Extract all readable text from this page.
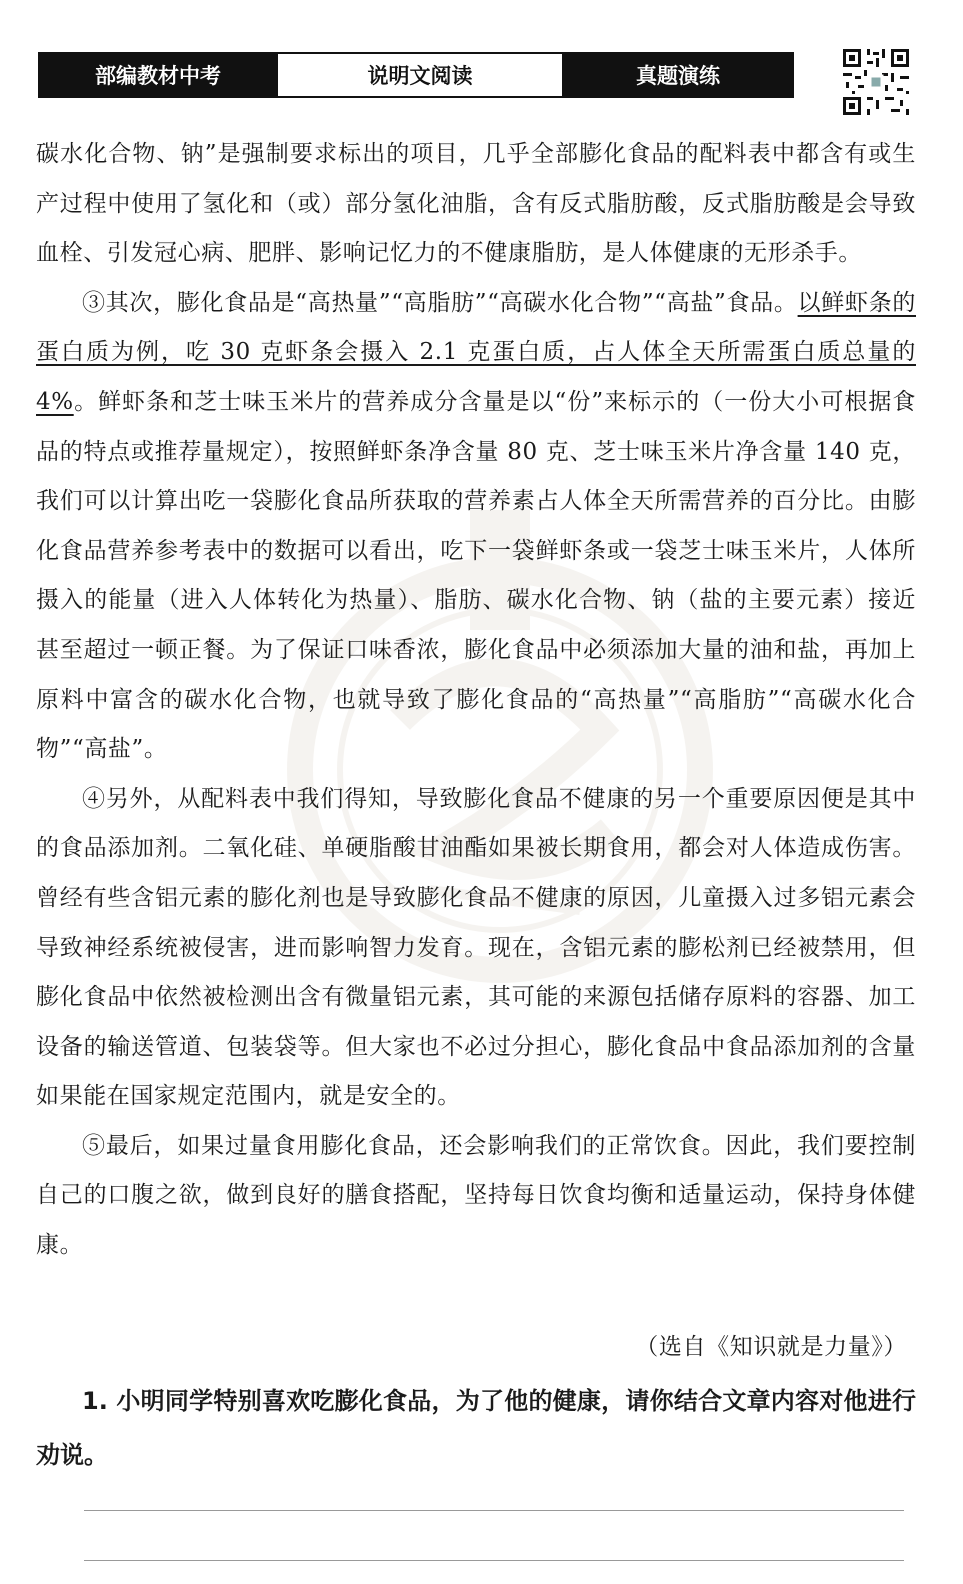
部编教材中考	说明文阅读	真题演练

碳水化合物、钠”是强制要求标出的项目，几乎全部膨化食品的配料表中都含有或生产过程中使用了氢化和（或）部分氢化油脂，含有反式脂肪酸，反式脂肪酸是会导致血栓、引发冠心病、肥胖、影响记忆力的不健康脂肪，是人体健康的无形杀手。

③其次，膨化食品是“高热量”“高脂肪”“高碳水化合物”“高盐”食品。以鲜虾条的蛋白质为例，吃 30 克虾条会摄入 2.1 克蛋白质，占人体全天所需蛋白质总量的 4%。鲜虾条和芝士味玉米片的营养成分含量是以“份”来标示的（一份大小可根据食品的特点或推荐量规定），按照鲜虾条净含量 80 克、芝士味玉米片净含量 140 克，我们可以计算出吃一袋膨化食品所获取的营养素占人体全天所需营养的百分比。由膨化食品营养参考表中的数据可以看出，吃下一袋鲜虾条或一袋芝士味玉米片，人体所摄入的能量（进入人体转化为热量）、脂肪、碳水化合物、钠（盐的主要元素）接近甚至超过一顿正餐。为了保证口味香浓，膨化食品中必须添加大量的油和盐，再加上原料中富含的碳水化合物，也就导致了膨化食品的“高热量”“高脂肪”“高碳水化合物”“高盐”。

④另外，从配料表中我们得知，导致膨化食品不健康的另一个重要原因便是其中的食品添加剂。二氧化硅、单硬脂酸甘油酯如果被长期食用，都会对人体造成伤害。曾经有些含铝元素的膨化剂也是导致膨化食品不健康的原因，儿童摄入过多铝元素会导致神经系统被侵害，进而影响智力发育。现在，含铝元素的膨松剂已经被禁用，但膨化食品中依然被检测出含有微量铝元素，其可能的来源包括储存原料的容器、加工设备的输送管道、包装袋等。但大家也不必过分担心，膨化食品中食品添加剂的含量如果能在国家规定范围内，就是安全的。

⑤最后，如果过量食用膨化食品，还会影响我们的正常饮食。因此，我们要控制自己的口腹之欲，做到良好的膳食搭配，坚持每日饮食均衡和适量运动，保持身体健康。

（选自《知识就是力量》）
1. 小明同学特别喜欢吃膨化食品，为了他的健康，请你结合文章内容对他进行劝说。
